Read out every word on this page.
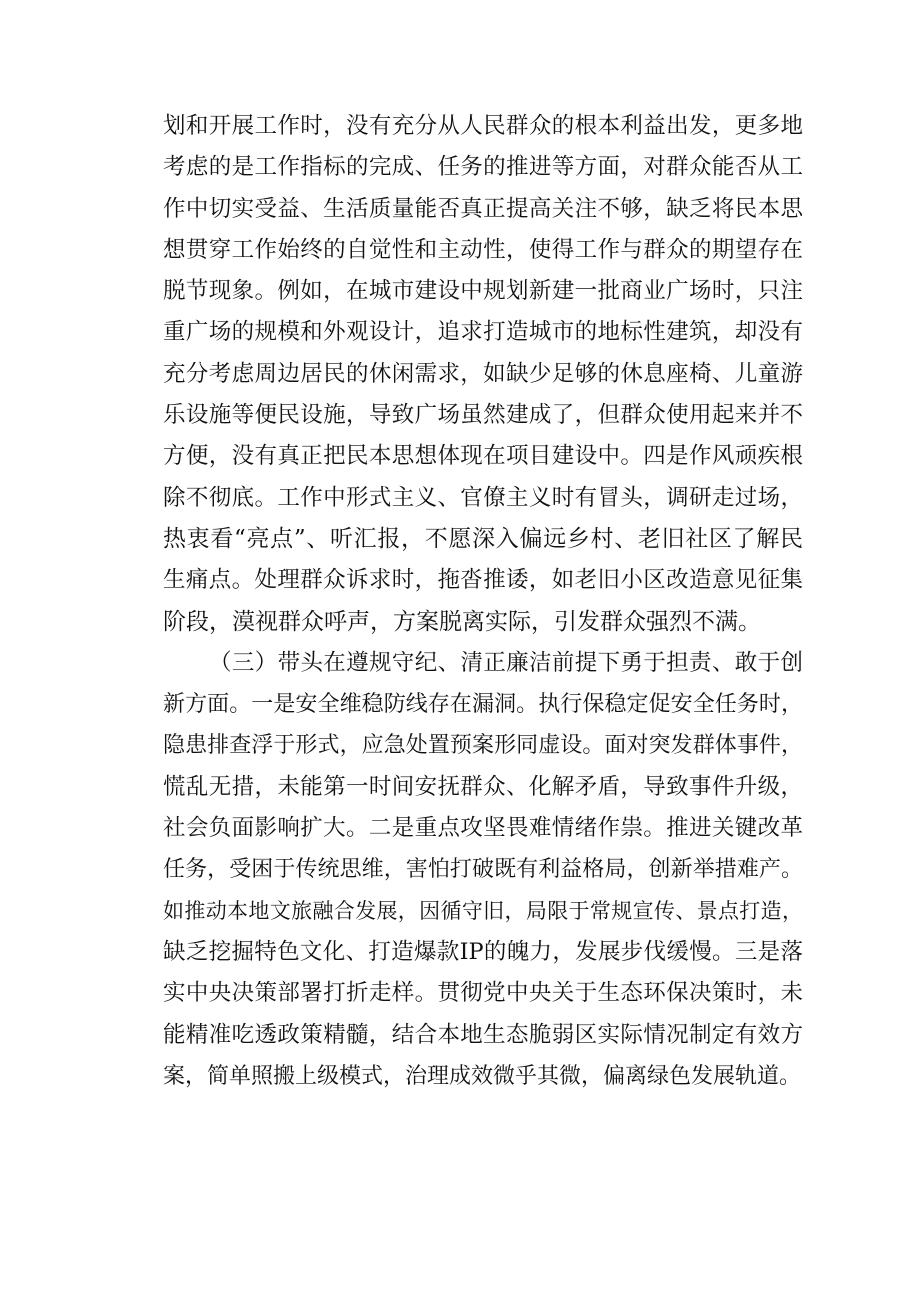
划和开展工作时，没有充分从人民群众的根本利益出发，更多地
考虑的是工作指标的完成、任务的推进等方面，对群众能否从工
作中切实受益、生活质量能否真正提高关注不够，缺乏将民本思
想贯穿工作始终的自觉性和主动性，使得工作与群众的期望存在
脱节现象。例如，在城市建设中规划新建一批商业广场时，只注
重广场的规模和外观设计，追求打造城市的地标性建筑，却没有
充分考虑周边居民的休闲需求，如缺少足够的休息座椅、儿童游
乐设施等便民设施，导致广场虽然建成了，但群众使用起来并不
方便，没有真正把民本思想体现在项目建设中。四是作风顽疾根
除不彻底。工作中形式主义、官僚主义时有冒头，调研走过场，
热衷看“亮点”、听汇报，不愿深入偏远乡村、老旧社区了解民
生痛点。处理群众诉求时，拖沓推诿，如老旧小区改造意见征集
阶段，漠视群众呼声，方案脱离实际，引发群众强烈不满。
（三）带头在遵规守纪、清正廉洁前提下勇于担责、敢于创
新方面。一是安全维稳防线存在漏洞。执行保稳定促安全任务时，
隐患排查浮于形式，应急处置预案形同虚设。面对突发群体事件，
慌乱无措，未能第一时间安抚群众、化解矛盾，导致事件升级，
社会负面影响扩大。二是重点攻坚畏难情绪作祟。推进关键改革
任务，受困于传统思维，害怕打破既有利益格局，创新举措难产。
如推动本地文旅融合发展，因循守旧，局限于常规宣传、景点打造，
缺乏挖掘特色文化、打造爆款IP的魄力，发展步伐缓慢。三是落
实中央决策部署打折走样。贯彻党中央关于生态环保决策时，未
能精准吃透政策精髓，结合本地生态脆弱区实际情况制定有效方
案，简单照搬上级模式，治理成效微乎其微，偏离绿色发展轨道。
